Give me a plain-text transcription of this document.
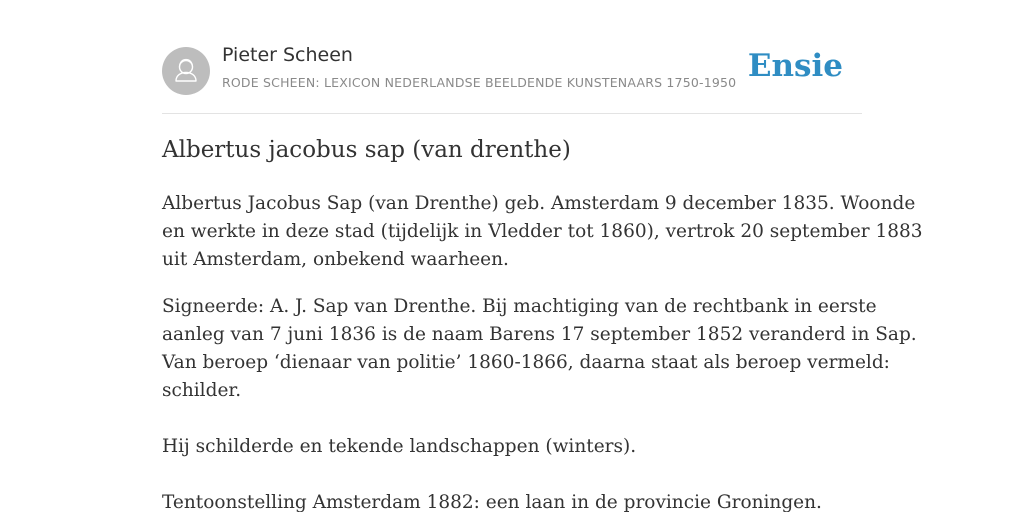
Pieter Scheen
RODE SCHEEN: LEXICON NEDERLANDSE BEELDENDE KUNSTENAARS 1750-1950 Ensie
Albertus jacobus sap (van drenthe)

Albertus Jacobus Sap (van Drenthe) geb. Amsterdam 9 december 1835. Woonde
en werkte in deze stad (tijdelijk in Vledder tot 1860), vertrok 20 september 1883
uit Amsterdam, onbekend waarheen.

Signeerde: A. J. Sap van Drenthe. Bij machtiging van de rechtbank in eerste
aanleg van 7 juni 1836 is de naam Barens 17 september 1852 veranderd in Sap.
Van beroep ‘dienaar van politie’ 1860-1866, daarna staat als beroep vermeld:
schilder.

Hij schilderde en tekende landschappen (winters).

Tentoonstelling Amsterdam 1882: een laan in de provincie Groningen.
